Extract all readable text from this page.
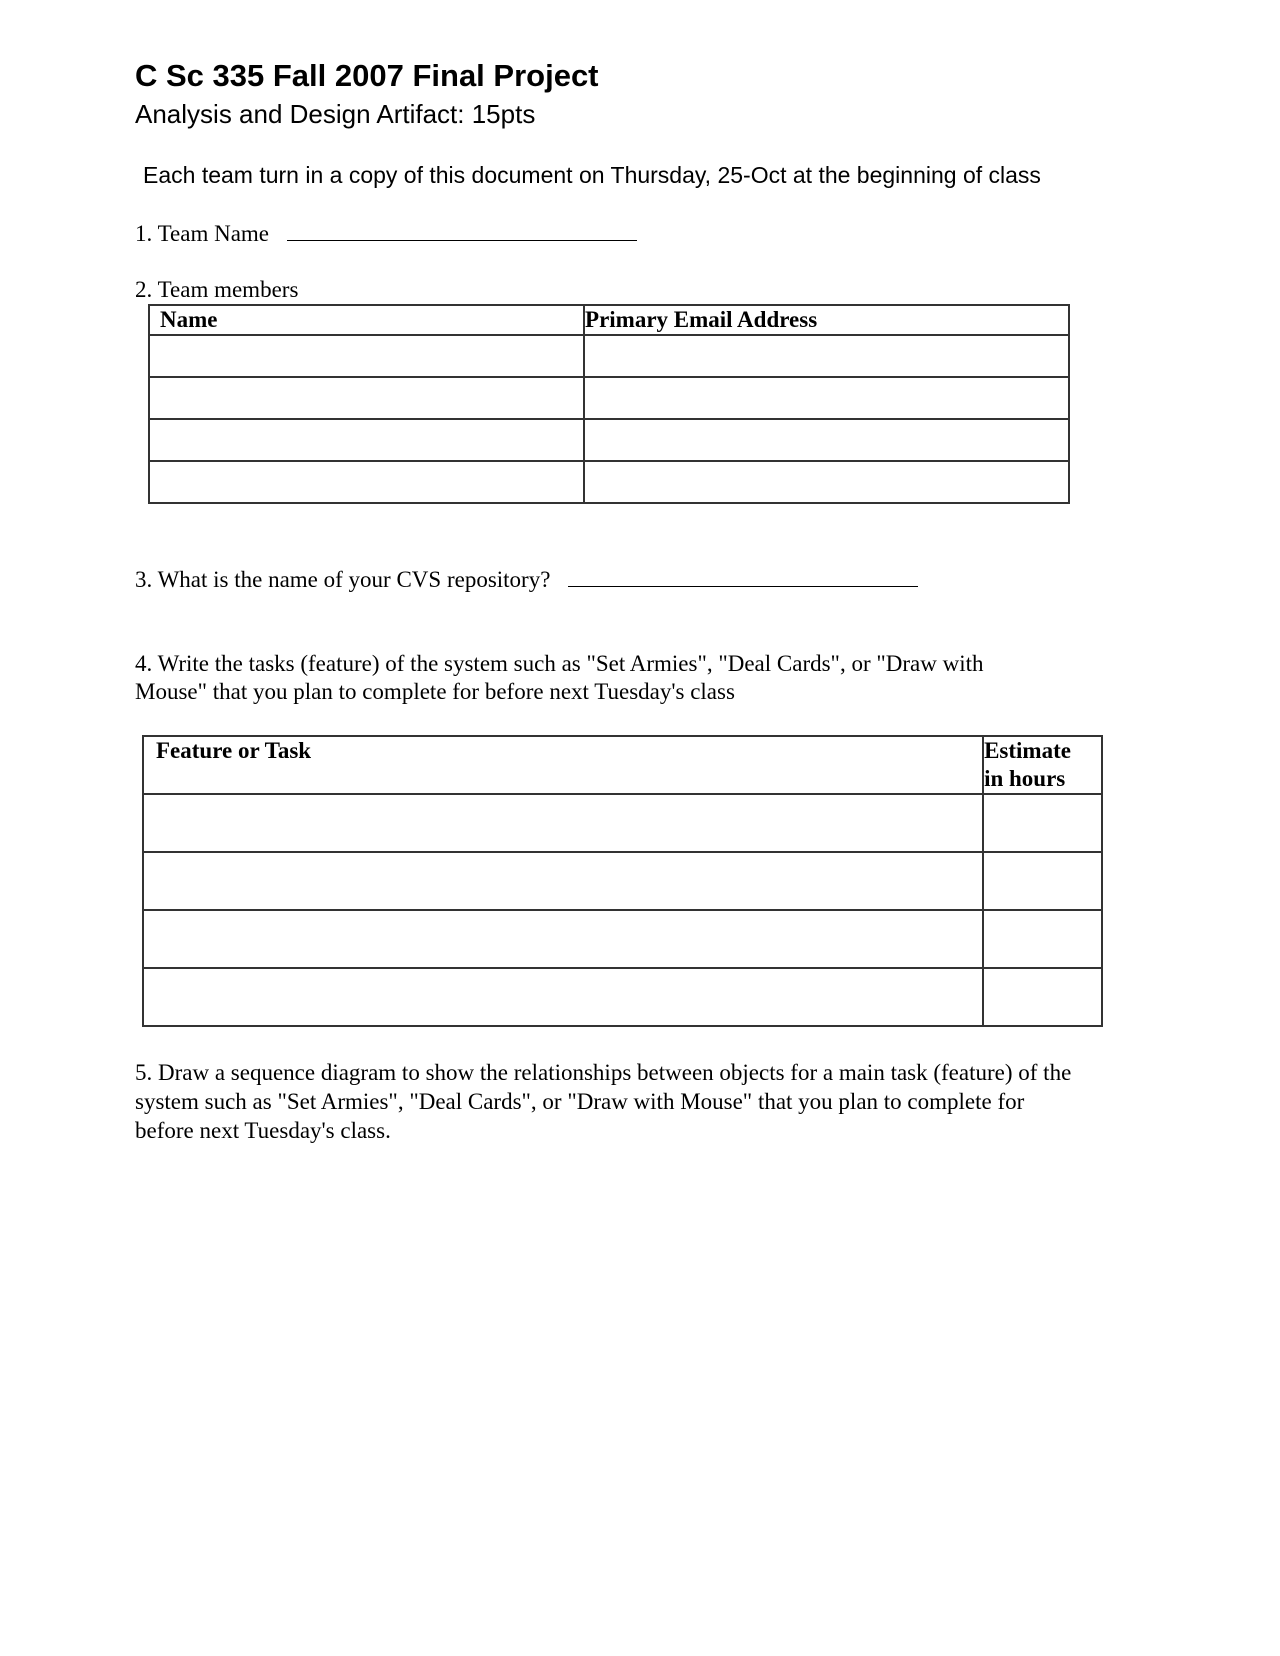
C Sc 335 Fall 2007 Final Project
Analysis and Design Artifact: 15pts
Each team turn in a copy of this document on Thursday, 25-Oct at the beginning of class
1. Team Name
2. Team members
Name	Primary Email Address

3. What is the name of your CVS repository?
4. Write the tasks (feature) of the system such as "Set Armies", "Deal Cards", or "Draw with
Mouse" that you plan to complete for before next Tuesday's class
Feature or Task	Estimate
in hours

5. Draw a sequence diagram to show the relationships between objects for a main task (feature) of the
system such as "Set Armies", "Deal Cards", or "Draw with Mouse" that you plan to complete for
before next Tuesday's class.
